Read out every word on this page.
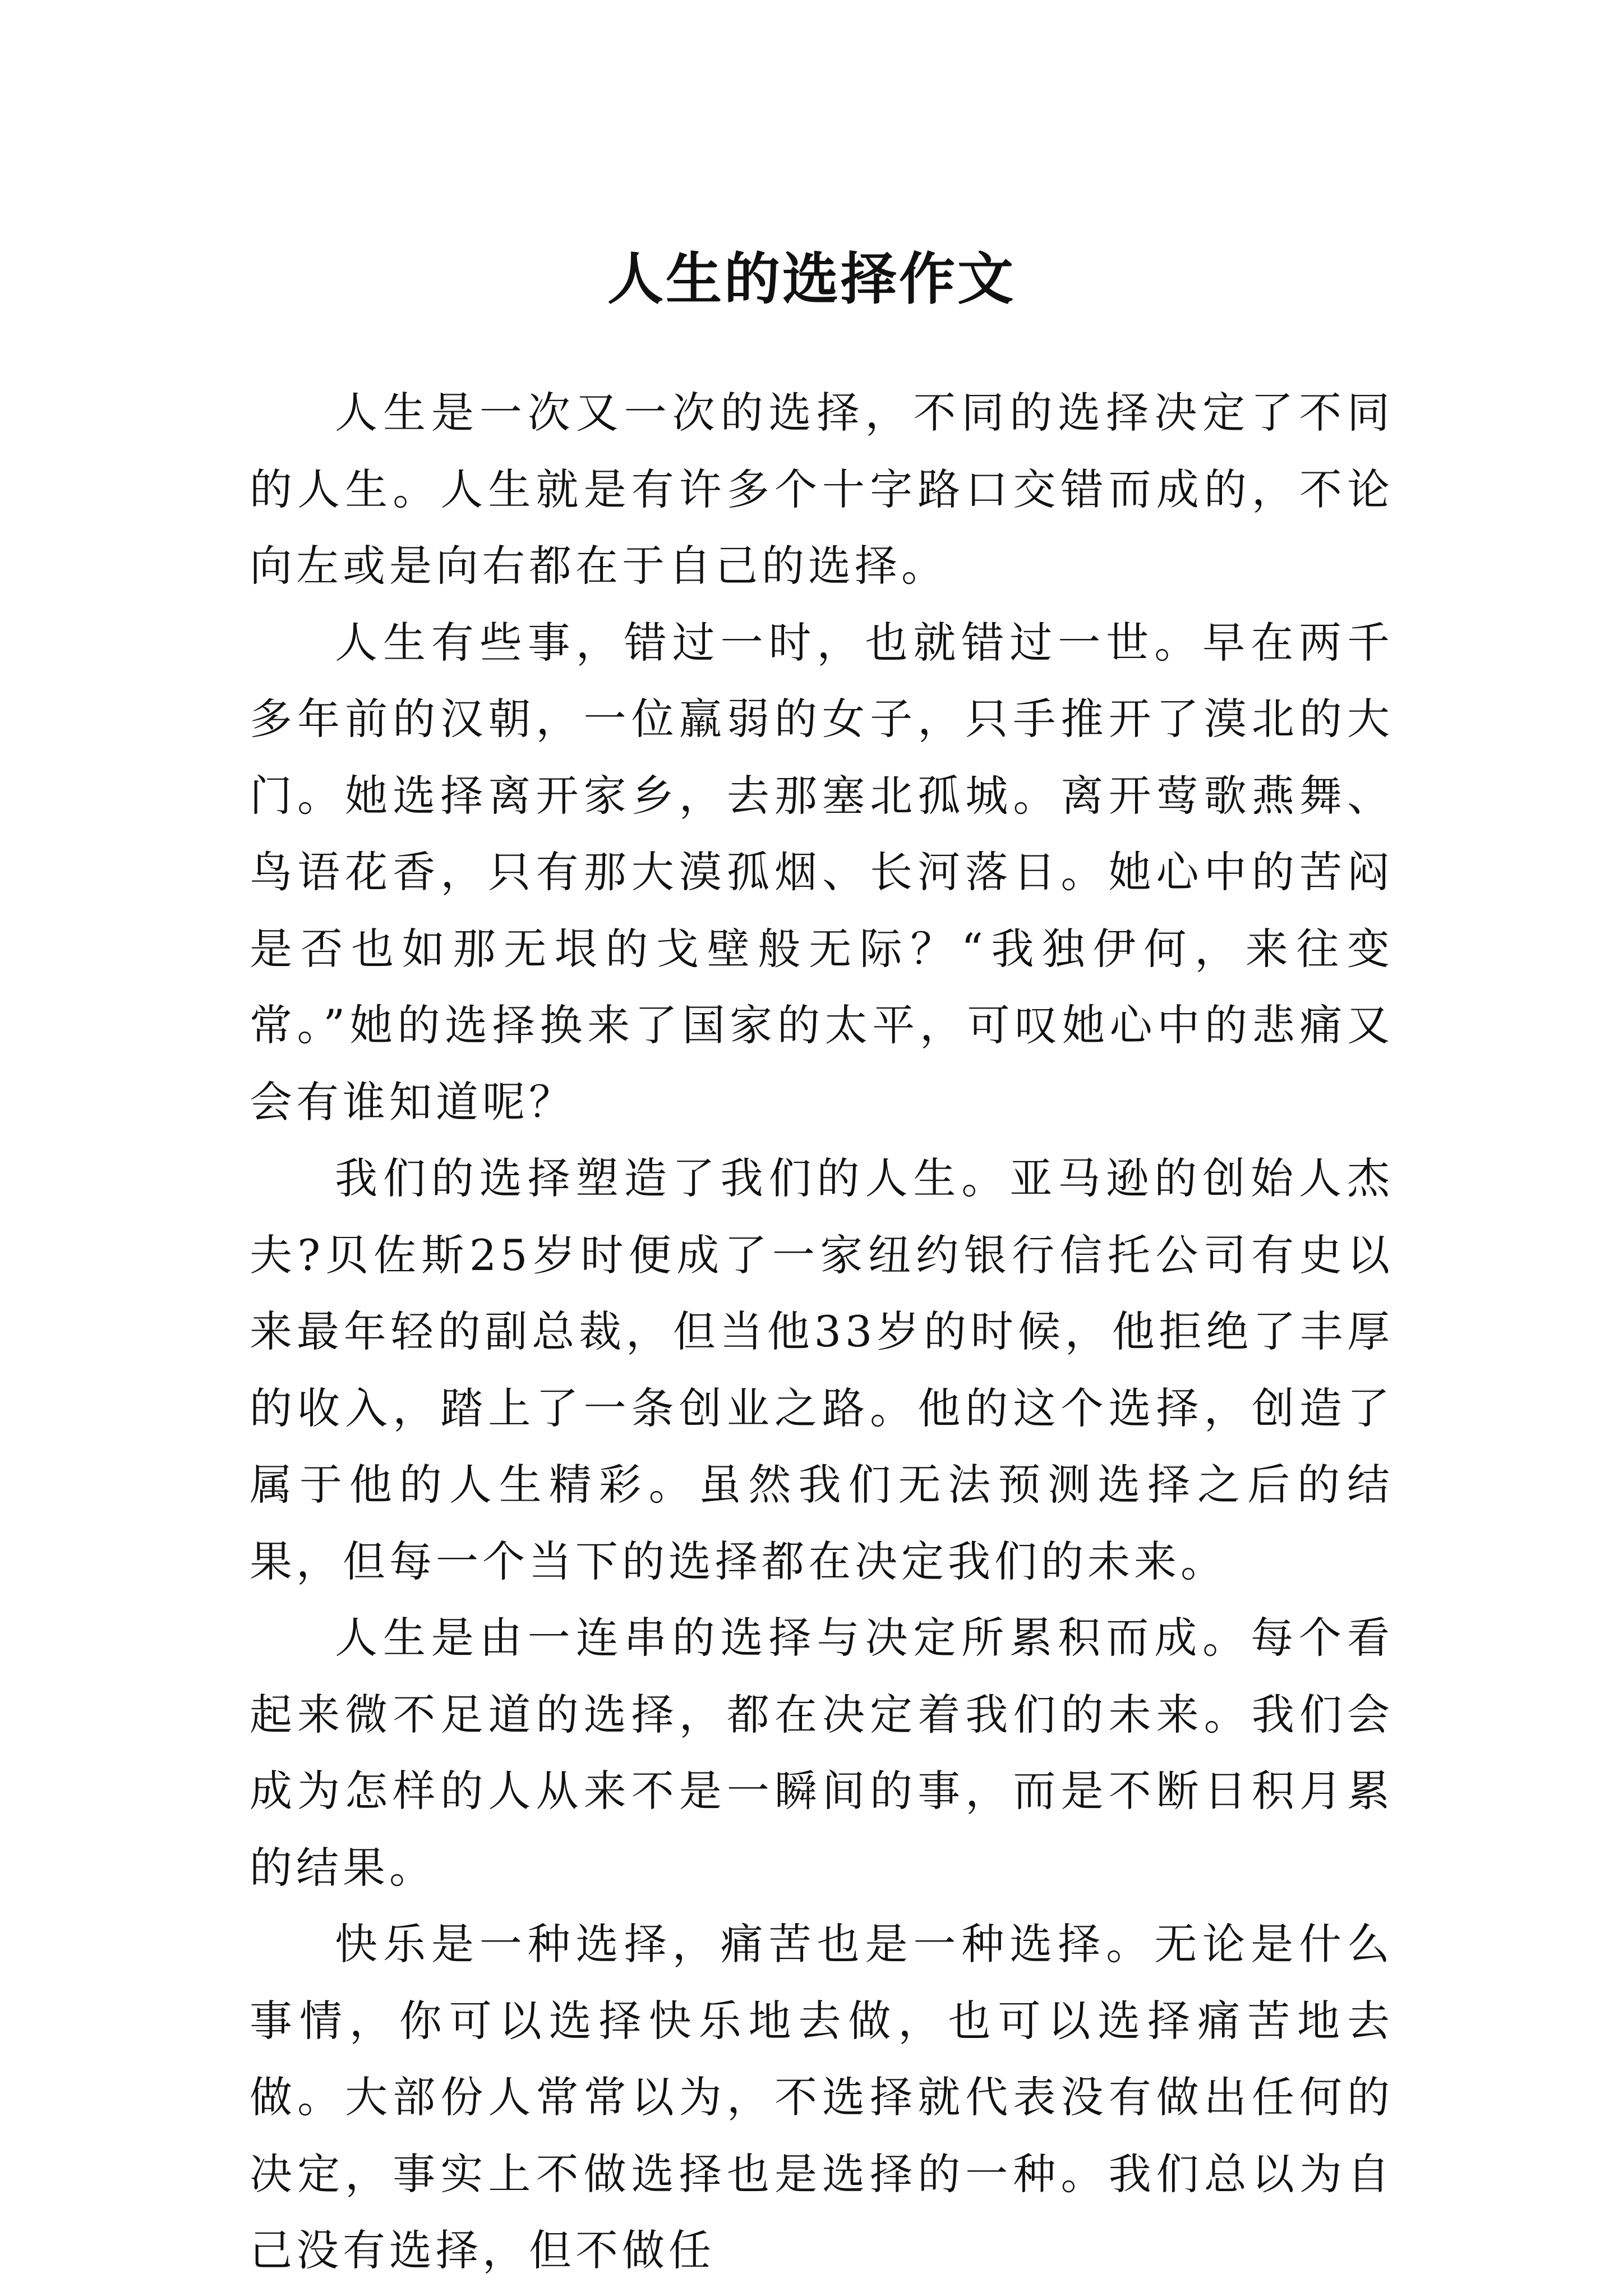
人生的选择作文

人生是一次又一次的选择，不同的选择决定了不同的人生。人生就是有许多个十字路口交错而成的，不论向左或是向右都在于自己的选择。

人生有些事，错过一时，也就错过一世。早在两千多年前的汉朝，一位羸弱的女子，只手推开了漠北的大门。她选择离开家乡，去那塞北孤城。离开莺歌燕舞、鸟语花香，只有那大漠孤烟、长河落日。她心中的苦闷是否也如那无垠的戈壁般无际？“我独伊何，来往变常。”她的选择换来了国家的太平，可叹她心中的悲痛又会有谁知道呢？

我们的选择塑造了我们的人生。亚马逊的创始人杰夫?贝佐斯25岁时便成了一家纽约银行信托公司有史以来最年轻的副总裁，但当他33岁的时候，他拒绝了丰厚的收入，踏上了一条创业之路。他的这个选择，创造了属于他的人生精彩。虽然我们无法预测选择之后的结果，但每一个当下的选择都在决定我们的未来。

人生是由一连串的选择与决定所累积而成。每个看起来微不足道的选择，都在决定着我们的未来。我们会成为怎样的人从来不是一瞬间的事，而是不断日积月累的结果。

快乐是一种选择，痛苦也是一种选择。无论是什么事情，你可以选择快乐地去做，也可以选择痛苦地去做。大部份人常常以为，不选择就代表没有做出任何的决定，事实上不做选择也是选择的一种。我们总以为自己没有选择，但不做任
